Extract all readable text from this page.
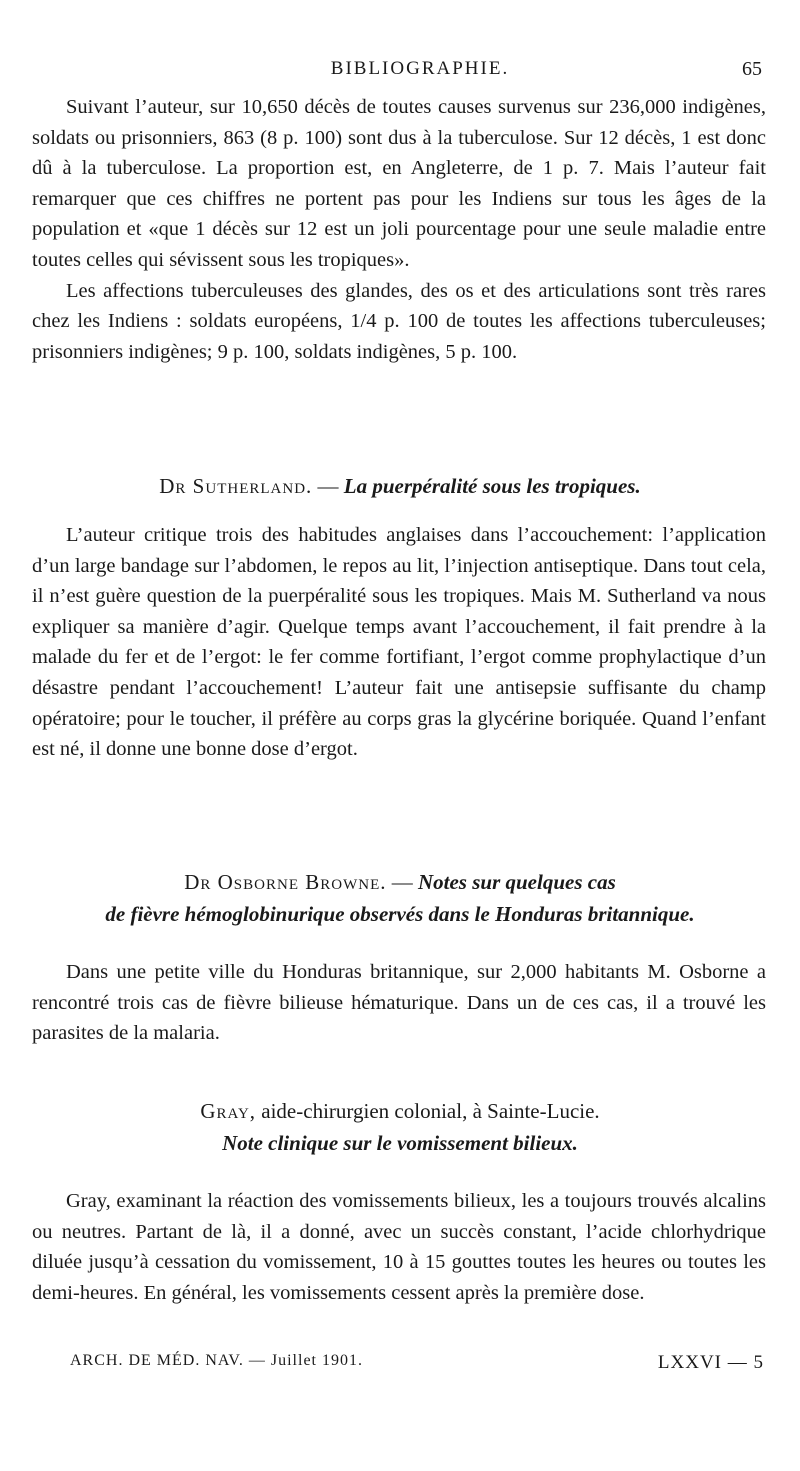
BIBLIOGRAPHIE.	65

Suivant l’auteur, sur 10,650 décès de toutes causes survenus sur 236,000 indigènes, soldats ou prisonniers, 863 (8 p. 100) sont dus à la tuberculose. Sur 12 décès, 1 est donc dû à la tuberculose. La proportion est, en Angleterre, de 1 p. 7. Mais l’auteur fait remarquer que ces chiffres ne portent pas pour les Indiens sur tous les âges de la population et «que 1 décès sur 12 est un joli pourcentage pour une seule maladie entre toutes celles qui sévissent sous les tropiques».

Les affections tuberculeuses des glandes, des os et des articulations sont très rares chez les Indiens : soldats européens, 1/4 p. 100 de toutes les affections tuberculeuses; prisonniers indigènes; 9 p. 100, soldats indigènes, 5 p. 100.

Dr Sutherland. — La puerpéralité sous les tropiques.

L’auteur critique trois des habitudes anglaises dans l’accouchement: l’application d’un large bandage sur l’abdomen, le repos au lit, l’injection antiseptique. Dans tout cela, il n’est guère question de la puerpéralité sous les tropiques. Mais M. Sutherland va nous expliquer sa manière d’agir. Quelque temps avant l’accouchement, il fait prendre à la malade du fer et de l’ergot: le fer comme fortifiant, l’ergot comme prophylactique d’un désastre pendant l’accouchement! L’auteur fait une antisepsie suffisante du champ opératoire; pour le toucher, il préfère au corps gras la glycérine boriquée. Quand l’enfant est né, il donne une bonne dose d’ergot.

Dr Osborne Browne. — Notes sur quelques cas
de fièvre hémoglobinurique observés dans le Honduras britannique.

Dans une petite ville du Honduras britannique, sur 2,000 habitants M. Osborne a rencontré trois cas de fièvre bilieuse hématurique. Dans un de ces cas, il a trouvé les parasites de la malaria.

Gray, aide-chirurgien colonial, à Sainte-Lucie.
Note clinique sur le vomissement bilieux.

Gray, examinant la réaction des vomissements bilieux, les a toujours trouvés alcalins ou neutres. Partant de là, il a donné, avec un succès constant, l’acide chlorhydrique diluée jusqu’à cessation du vomissement, 10 à 15 gouttes toutes les heures ou toutes les demi-heures. En général, les vomissements cessent après la première dose.

ARCH. DE MÉD. NAV. — Juillet 1901.	LXXVI — 5
